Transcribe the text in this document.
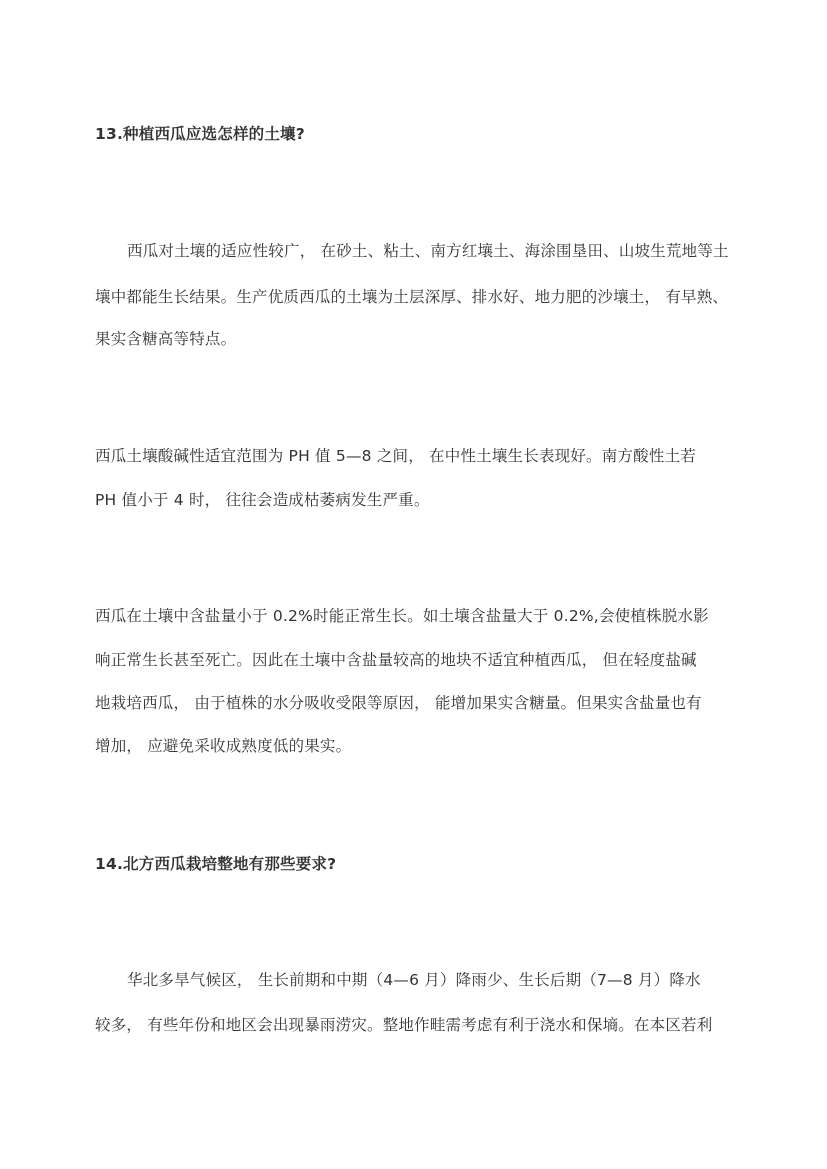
13.种植西瓜应选怎样的土壤?
西瓜对土壤的适应性较广， 在砂土、粘土、南方红壤土、海涂围垦田、山坡生荒地等土
壤中都能生长结果。生产优质西瓜的土壤为土层深厚、排水好、地力肥的沙壤土， 有早熟、
果实含糖高等特点。
西瓜土壤酸碱性适宜范围为 PH 值 5—8 之间， 在中性土壤生长表现好。南方酸性土若
PH 值小于 4 时， 往往会造成枯萎病发生严重。
西瓜在土壤中含盐量小于 0.2%时能正常生长。如土壤含盐量大于 0.2%,会使植株脱水影
响正常生长甚至死亡。因此在土壤中含盐量较高的地块不适宜种植西瓜， 但在轻度盐碱
地栽培西瓜， 由于植株的水分吸收受限等原因， 能增加果实含糖量。但果实含盐量也有
增加， 应避免采收成熟度低的果实。
14.北方西瓜栽培整地有那些要求?
华北多旱气候区， 生长前期和中期（4—6 月）降雨少、生长后期（7—8 月）降水
较多， 有些年份和地区会出现暴雨涝灾。整地作畦需考虑有利于浇水和保墒。在本区若利
